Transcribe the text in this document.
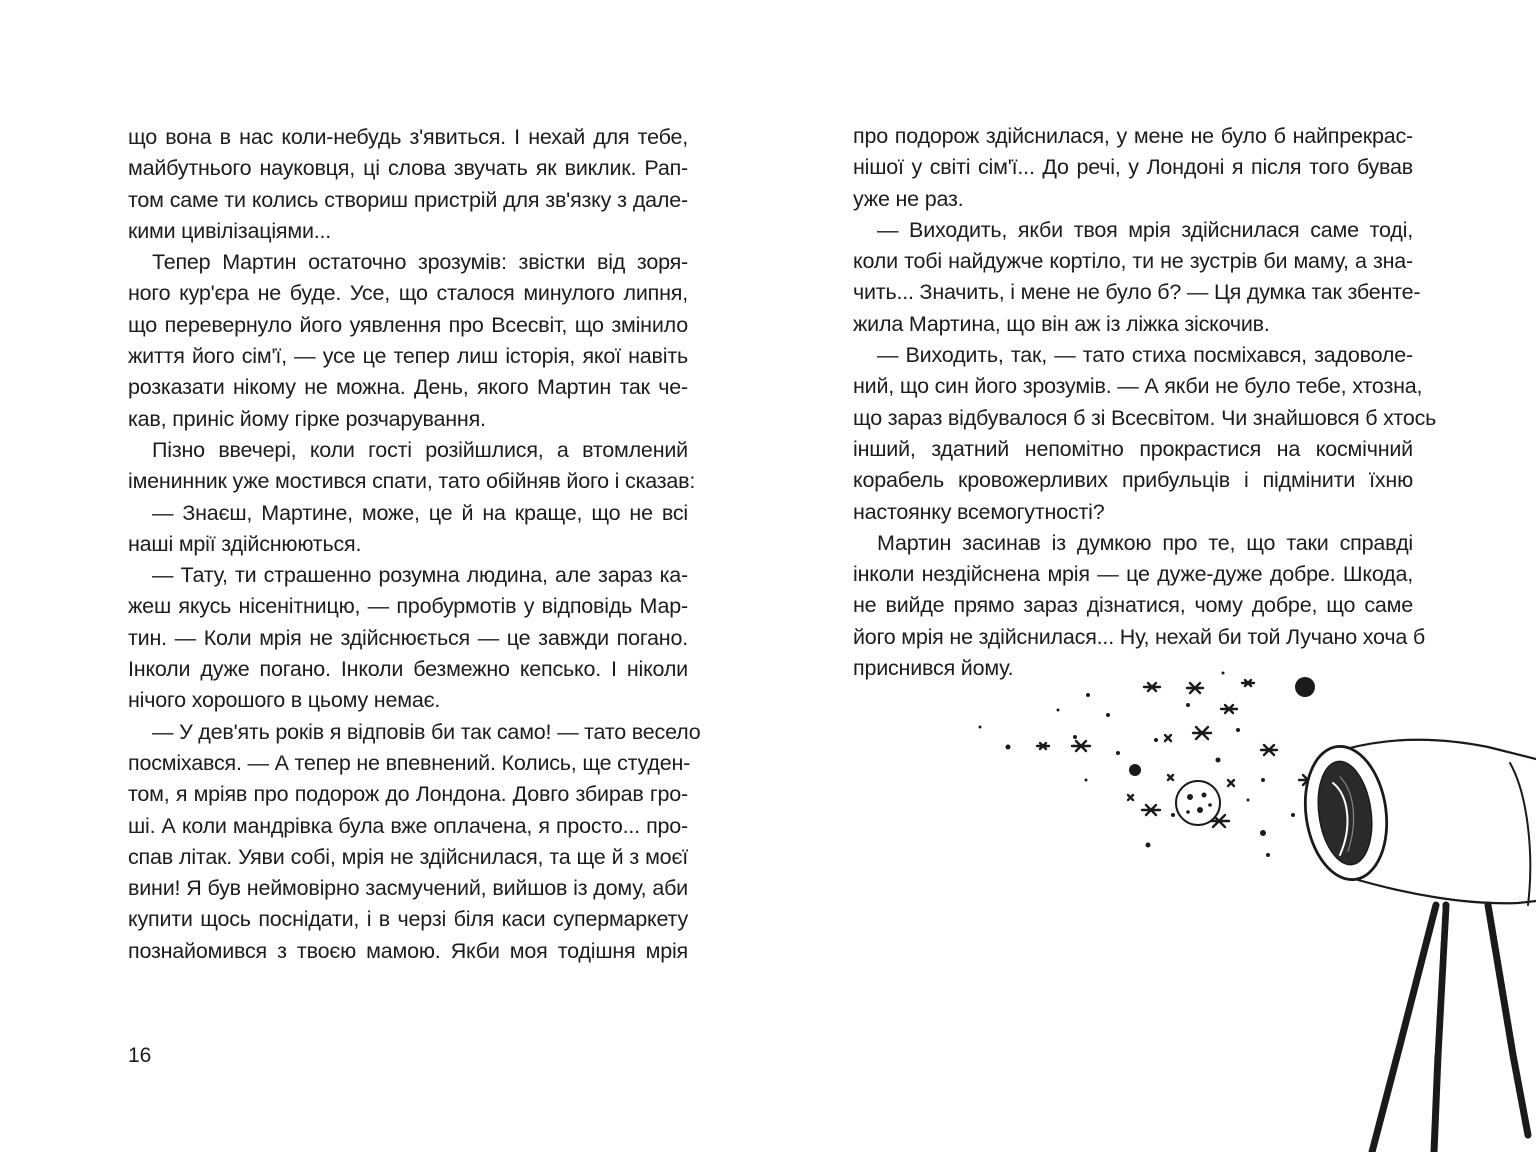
що вона в нас коли-небудь з'явиться. І нехай для тебе,
майбутнього науковця, ці слова звучать як виклик. Рап-
том саме ти колись створиш пристрій для зв'язку з дале-
кими цивілізаціями...
Тепер Мартин остаточно зрозумів: звістки від зоря-
ного кур'єра не буде. Усе, що сталося минулого липня,
що перевернуло його уявлення про Всесвіт, що змінило
життя його сім'ї, — усе це тепер лиш історія, якої навіть
розказати нікому не можна. День, якого Мартин так че-
кав, приніс йому гірке розчарування.
Пізно ввечері, коли гості розійшлися, а втомлений
іменинник уже мостився спати, тато обійняв його і сказав:
— Знаєш, Мартине, може, це й на краще, що не всі
наші мрії здійснюються.
— Тату, ти страшенно розумна людина, але зараз ка-
жеш якусь нісенітницю, — пробурмотів у відповідь Мар-
тин. — Коли мрія не здійснюється — це завжди погано.
Інколи дуже погано. Інколи безмежно кепсько. І ніколи
нічого хорошого в цьому немає.
— У дев'ять років я відповів би так само! — тато весело
посміхався. — А тепер не впевнений. Колись, ще студен-
том, я мріяв про подорож до Лондона. Довго збирав гро-
ші. А коли мандрівка була вже оплачена, я просто... про-
спав літак. Уяви собі, мрія не здійснилася, та ще й з моєї
вини! Я був неймовірно засмучений, вийшов із дому, аби
купити щось поснідати, і в черзі біля каси супермаркету
познайомився з твоєю мамою. Якби моя тодішня мрія
16
про подорож здійснилася, у мене не було б найпрекрас-
нішої у світі сім'ї... До речі, у Лондоні я після того бував
уже не раз.
— Виходить, якби твоя мрія здійснилася саме тоді,
коли тобі найдужче кортіло, ти не зустрів би маму, а зна-
чить... Значить, і мене не було б? — Ця думка так збенте-
жила Мартина, що він аж із ліжка зіскочив.
— Виходить, так, — тато стиха посміхався, задоволе-
ний, що син його зрозумів. — А якби не було тебе, хтозна,
що зараз відбувалося б зі Всесвітом. Чи знайшовся б хтось
інший, здатний непомітно прокрастися на космічний
корабель кровожерливих прибульців і підмінити їхню
настоянку всемогутності?
Мартин засинав із думкою про те, що таки справді
інколи нездійснена мрія — це дуже-дуже добре. Шкода,
не вийде прямо зараз дізнатися, чому добре, що саме
його мрія не здійснилася... Ну, нехай би той Лучано хоча б
приснився йому.
